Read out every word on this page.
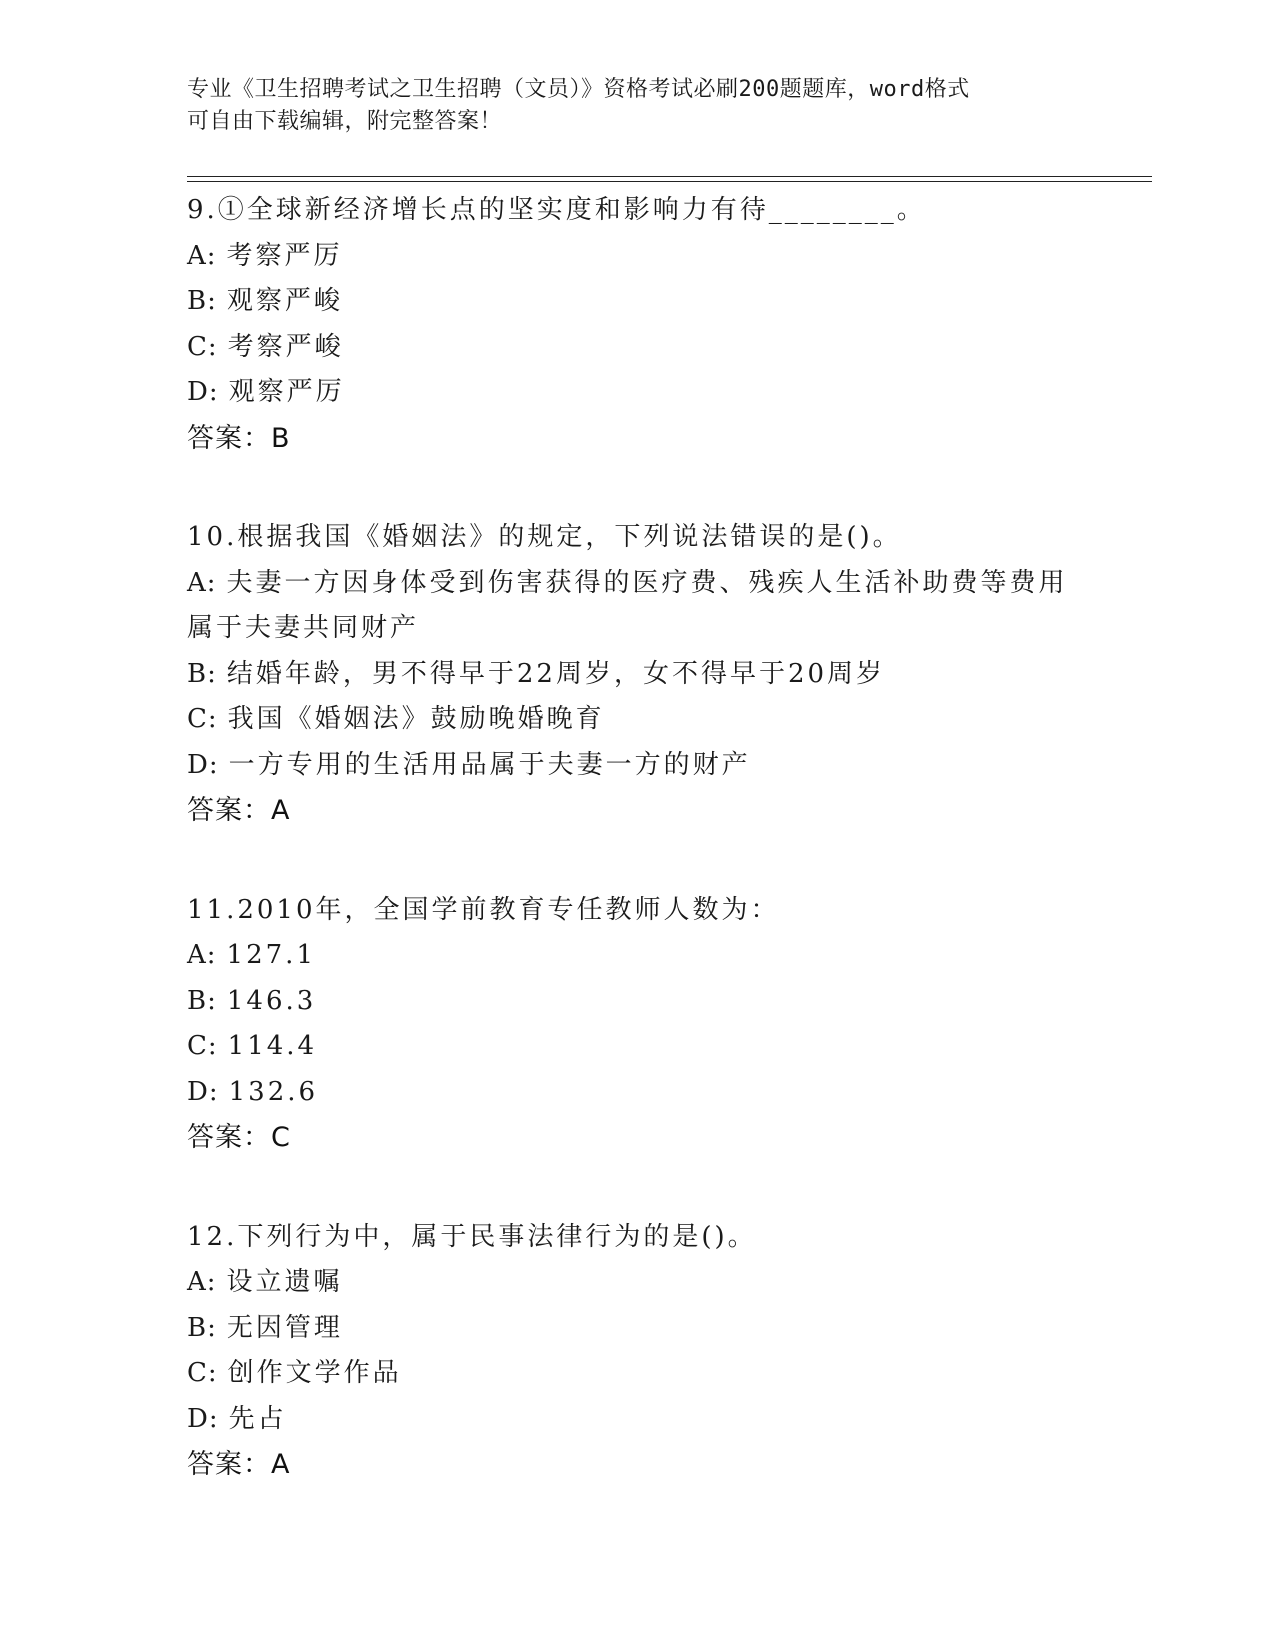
专业《卫生招聘考试之卫生招聘（文员）》资格考试必刷200题题库，word格式
可自由下载编辑，附完整答案！
9.①全球新经济增长点的坚实度和影响力有待________。
A: 考察严厉
B: 观察严峻
C: 考察严峻
D: 观察严厉
答案：B
10.根据我国《婚姻法》的规定，下列说法错误的是()。
A: 夫妻一方因身体受到伤害获得的医疗费、残疾人生活补助费等费用
属于夫妻共同财产
B: 结婚年龄，男不得早于22周岁，女不得早于20周岁
C: 我国《婚姻法》鼓励晚婚晚育
D: 一方专用的生活用品属于夫妻一方的财产
答案：A
11.2010年，全国学前教育专任教师人数为：
A: 127.1
B: 146.3
C: 114.4
D: 132.6
答案：C
12.下列行为中，属于民事法律行为的是()。
A: 设立遗嘱
B: 无因管理
C: 创作文学作品
D: 先占
答案：A
